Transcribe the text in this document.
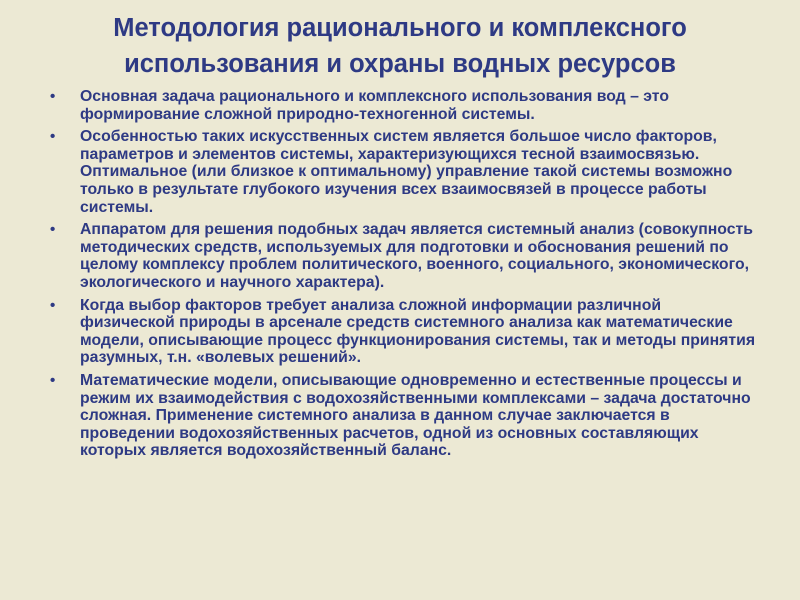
Методология рационального и комплексного
использования и охраны водных ресурсов
• Основная задача рационального и комплексного использования вод – это формирование сложной природно-техногенной системы.
• Особенностью таких искусственных систем является большое число факторов, параметров и элементов системы, характеризующихся тесной взаимосвязью. Оптимальное (или близкое к оптимальному) управление такой системы возможно только в результате глубокого изучения всех взаимосвязей в процессе работы системы.
• Аппаратом для решения подобных задач является системный анализ (совокупность методических средств, используемых для подготовки и обоснования решений по целому комплексу проблем политического, военного, социального, экономического, экологического и научного характера).
• Когда выбор факторов требует анализа сложной информации различной физической природы в арсенале средств системного анализа как математические модели, описывающие процесс функционирования системы, так и методы принятия разумных, т.н. «волевых решений».
• Математические модели, описывающие одновременно и естественные процессы и режим их взаимодействия с водохозяйственными комплексами – задача достаточно сложная. Применение системного анализа в данном случае заключается в проведении водохозяйственных расчетов, одной из основных составляющих которых является водохозяйственный баланс.
